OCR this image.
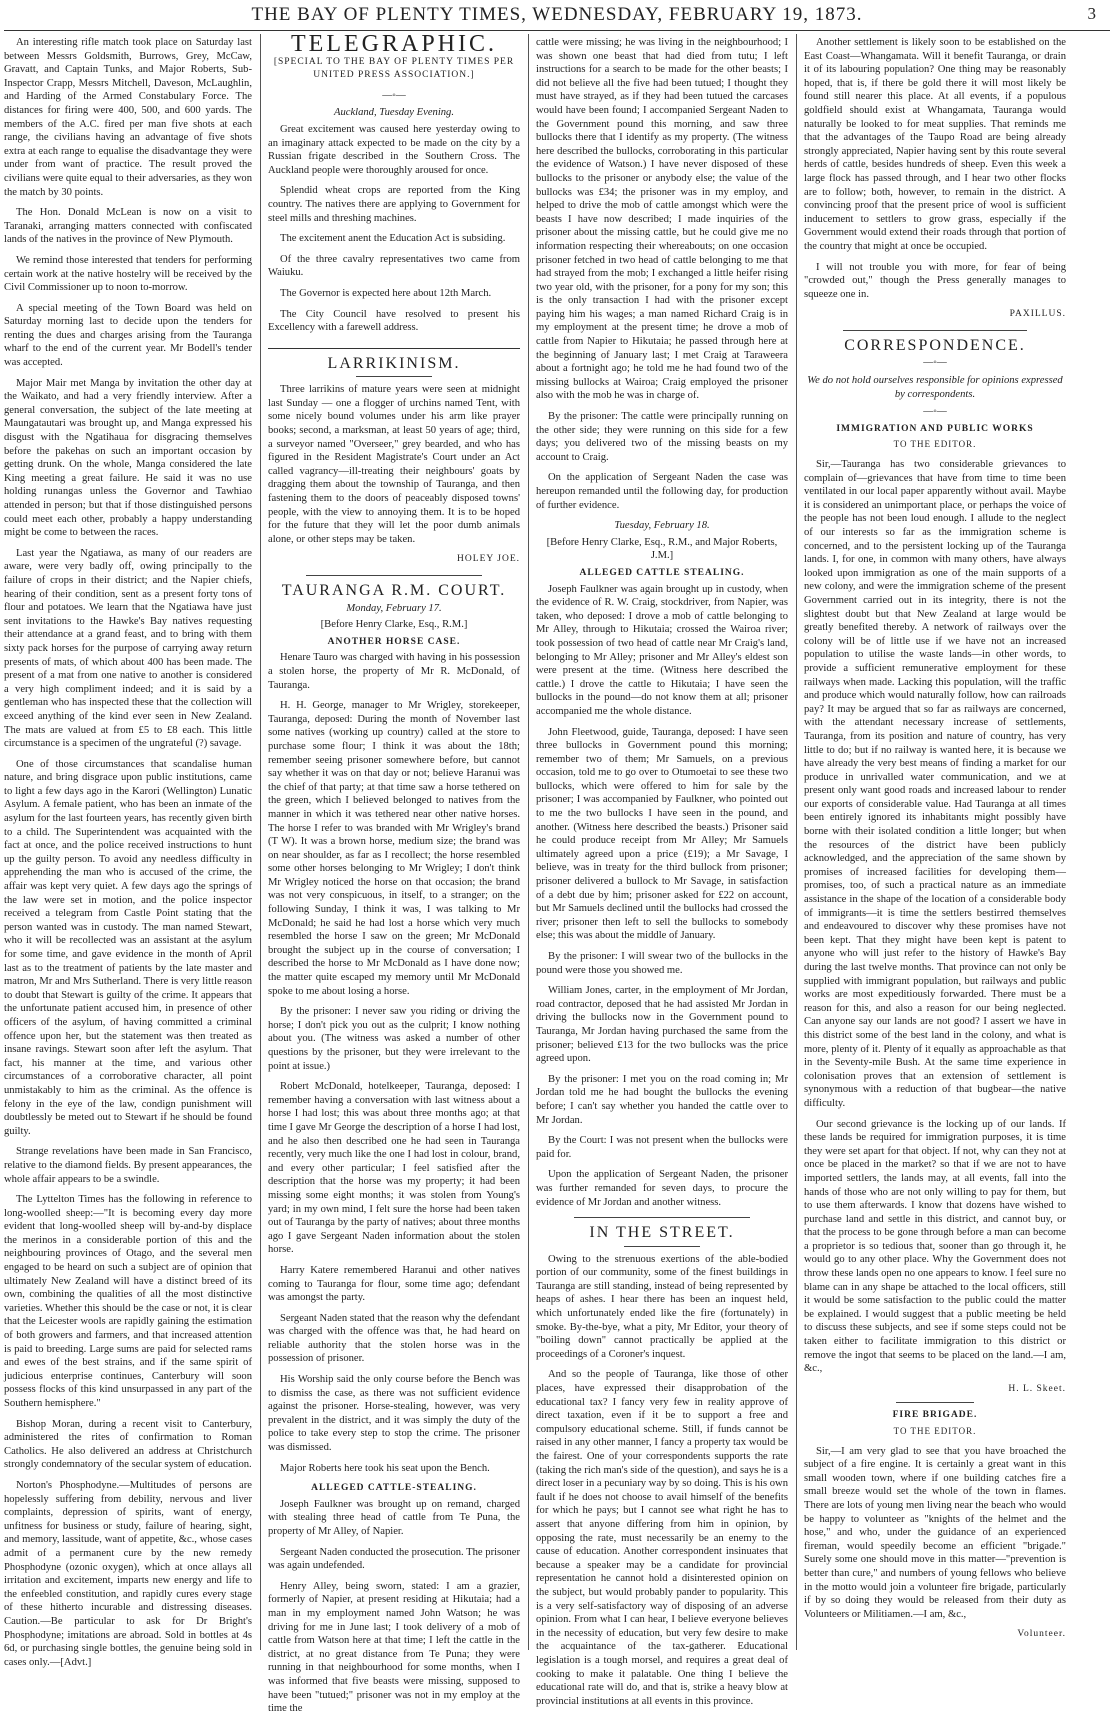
THE BAY OF PLENTY TIMES, WEDNESDAY, FEBRUARY 19, 1873.	3

An interesting rifle match took place on Saturday last between Messrs Goldsmith, Burrows, Grey, McCaw, Gravatt, and Captain Tunks, and Major Roberts, Sub-Inspector Crapp, Messrs Mitchell, Daveson, McLaughlin, and Harding of the Armed Constabulary Force. The distances for firing were 400, 500, and 600 yards. The members of the A.C. fired per man five shots at each range, the civilians having an advantage of five shots extra at each range to equalise the disadvantage they were under from want of practice. The result proved the civilians were quite equal to their adversaries, as they won the match by 30 points.

The Hon. Donald McLean is now on a visit to Taranaki, arranging matters connected with confiscated lands of the natives in the province of New Plymouth.

We remind those interested that tenders for performing certain work at the native hostelry will be received by the Civil Commissioner up to noon to-morrow.

A special meeting of the Town Board was held on Saturday morning last to decide upon the tenders for renting the dues and charges arising from the Tauranga wharf to the end of the current year. Mr Bodell's tender was accepted.

Major Mair met Manga by invitation the other day at the Waikato, and had a very friendly interview. After a general conversation, the subject of the late meeting at Maungatautari was brought up, and Manga expressed his disgust with the Ngatihaua for disgracing themselves before the pakehas on such an important occasion by getting drunk. On the whole, Manga considered the late King meeting a great failure. He said it was no use holding runangas unless the Governor and Tawhiao attended in person; but that if those distinguished persons could meet each other, probably a happy understanding might be come to between the races.

Last year the Ngatiawa, as many of our readers are aware, were very badly off, owing principally to the failure of crops in their district; and the Napier chiefs, hearing of their condition, sent as a present forty tons of flour and potatoes. We learn that the Ngatiawa have just sent invitations to the Hawke's Bay natives requesting their attendance at a grand feast, and to bring with them sixty pack horses for the purpose of carrying away return presents of mats, of which about 400 has been made. The present of a mat from one native to another is considered a very high compliment indeed; and it is said by a gentleman who has inspected these that the collection will exceed anything of the kind ever seen in New Zealand. The mats are valued at from £5 to £8 each. This little circumstance is a specimen of the ungrateful (?) savage.

One of those circumstances that scandalise human nature, and bring disgrace upon public institutions, came to light a few days ago in the Karori (Wellington) Lunatic Asylum. A female patient, who has been an inmate of the asylum for the last fourteen years, has recently given birth to a child. The Superintendent was acquainted with the fact at once, and the police received instructions to hunt up the guilty person. To avoid any needless difficulty in apprehending the man who is accused of the crime, the affair was kept very quiet. A few days ago the springs of the law were set in motion, and the police inspector received a telegram from Castle Point stating that the person wanted was in custody. The man named Stewart, who it will be recollected was an assistant at the asylum for some time, and gave evidence in the month of April last as to the treatment of patients by the late master and matron, Mr and Mrs Sutherland. There is very little reason to doubt that Stewart is guilty of the crime. It appears that the unfortunate patient accused him, in presence of other officers of the asylum, of having committed a criminal offence upon her, but the statement was then treated as insane ravings. Stewart soon after left the asylum. That fact, his manner at the time, and various other circumstances of a corroborative character, all point unmistakably to him as the criminal. As the offence is felony in the eye of the law, condign punishment will doubtlessly be meted out to Stewart if he should be found guilty.

Strange revelations have been made in San Francisco, relative to the diamond fields. By present appearances, the whole affair appears to be a swindle.

The Lyttelton Times has the following in reference to long-woolled sheep:—"It is becoming every day more evident that long-woolled sheep will by-and-by displace the merinos in a considerable portion of this and the neighbouring provinces of Otago, and the several men engaged to be heard on such a subject are of opinion that ultimately New Zealand will have a distinct breed of its own, combining the qualities of all the most distinctive varieties. Whether this should be the case or not, it is clear that the Leicester wools are rapidly gaining the estimation of both growers and farmers, and that increased attention is paid to breeding. Large sums are paid for selected rams and ewes of the best strains, and if the same spirit of judicious enterprise continues, Canterbury will soon possess flocks of this kind unsurpassed in any part of the Southern hemisphere."

Bishop Moran, during a recent visit to Canterbury, administered the rites of confirmation to Roman Catholics. He also delivered an address at Christchurch strongly condemnatory of the secular system of education.

Norton's Phosphodyne.—Multitudes of persons are hopelessly suffering from debility, nervous and liver complaints, depression of spirits, want of energy, unfitness for business or study, failure of hearing, sight, and memory, lassitude, want of appetite, &c., whose cases admit of a permanent cure by the new remedy Phosphodyne (ozonic oxygen), which at once allays all irritation and excitement, imparts new energy and life to the enfeebled constitution, and rapidly cures every stage of these hitherto incurable and distressing diseases. Caution.—Be particular to ask for Dr Bright's Phosphodyne; imitations are abroad. Sold in bottles at 4s 6d, or purchasing single bottles, the genuine being sold in cases only.—[Advt.]

TELEGRAPHIC.

[SPECIAL TO THE BAY OF PLENTY TIMES PER UNITED PRESS ASSOCIATION.]

—◦—

Auckland, Tuesday Evening.

Great excitement was caused here yesterday owing to an imaginary attack expected to be made on the city by a Russian frigate described in the Southern Cross. The Auckland people were thoroughly aroused for once.

Splendid wheat crops are reported from the King country. The natives there are applying to Government for steel mills and threshing machines.

The excitement anent the Education Act is subsiding.

Of the three cavalry representatives two came from Waiuku.

The Governor is expected here about 12th March.

The City Council have resolved to present his Excellency with a farewell address.

LARRIKINISM.

Three larrikins of mature years were seen at midnight last Sunday — one a flogger of urchins named Tent, with some nicely bound volumes under his arm like prayer books; second, a marksman, at least 50 years of age; third, a surveyor named "Overseer," grey bearded, and who has figured in the Resident Magistrate's Court under an Act called vagrancy—ill-treating their neighbours' goats by dragging them about the township of Tauranga, and then fastening them to the doors of peaceably disposed towns' people, with the view to annoying them. It is to be hoped for the future that they will let the poor dumb animals alone, or other steps may be taken.

HOLEY JOE.

TAURANGA R.M. COURT.

Monday, February 17.

[Before Henry Clarke, Esq., R.M.]

ANOTHER HORSE CASE.

Henare Tauro was charged with having in his possession a stolen horse, the property of Mr R. McDonald, of Tauranga.

H. H. George, manager to Mr Wrigley, storekeeper, Tauranga, deposed: During the month of November last some natives (working up country) called at the store to purchase some flour; I think it was about the 18th; remember seeing prisoner somewhere before, but cannot say whether it was on that day or not; believe Haranui was the chief of that party; at that time saw a horse tethered on the green, which I believed belonged to natives from the manner in which it was tethered near other native horses. The horse I refer to was branded with Mr Wrigley's brand (T W). It was a brown horse, medium size; the brand was on near shoulder, as far as I recollect; the horse resembled some other horses belonging to Mr Wrigley; I don't think Mr Wrigley noticed the horse on that occasion; the brand was not very conspicuous, in itself, to a stranger; on the following Sunday, I think it was, I was talking to Mr McDonald; he said he had lost a horse which very much resembled the horse I saw on the green; Mr McDonald brought the subject up in the course of conversation; I described the horse to Mr McDonald as I have done now; the matter quite escaped my memory until Mr McDonald spoke to me about losing a horse.

By the prisoner: I never saw you riding or driving the horse; I don't pick you out as the culprit; I know nothing about you. (The witness was asked a number of other questions by the prisoner, but they were irrelevant to the point at issue.)

Robert McDonald, hotelkeeper, Tauranga, deposed: I remember having a conversation with last witness about a horse I had lost; this was about three months ago; at that time I gave Mr George the description of a horse I had lost, and he also then described one he had seen in Tauranga recently, very much like the one I had lost in colour, brand, and every other particular; I feel satisfied after the description that the horse was my property; it had been missing some eight months; it was stolen from Young's yard; in my own mind, I felt sure the horse had been taken out of Tauranga by the party of natives; about three months ago I gave Sergeant Naden information about the stolen horse.

Harry Katere remembered Haranui and other natives coming to Tauranga for flour, some time ago; defendant was amongst the party.

Sergeant Naden stated that the reason why the defendant was charged with the offence was that, he had heard on reliable authority that the stolen horse was in the possession of prisoner.

His Worship said the only course before the Bench was to dismiss the case, as there was not sufficient evidence against the prisoner. Horse-stealing, however, was very prevalent in the district, and it was simply the duty of the police to take every step to stop the crime. The prisoner was dismissed.

Major Roberts here took his seat upon the Bench.

ALLEGED CATTLE-STEALING.

Joseph Faulkner was brought up on remand, charged with stealing three head of cattle from Te Puna, the property of Mr Alley, of Napier.

Sergeant Naden conducted the prosecution. The prisoner was again undefended.

Henry Alley, being sworn, stated: I am a grazier, formerly of Napier, at present residing at Hikutaia; had a man in my employment named John Watson; he was driving for me in June last; I took delivery of a mob of cattle from Watson here at that time; I left the cattle in the district, at no great distance from Te Puna; they were running in that neighbourhood for some months, when I was informed that five beasts were missing, supposed to have been "tutued;" prisoner was not in my employ at the time the

cattle were missing; he was living in the neighbourhood; I was shown one beast that had died from tutu; I left instructions for a search to be made for the other beasts; I did not believe all the five had been tutued; I thought they must have strayed, as if they had been tutued the carcases would have been found; I accompanied Sergeant Naden to the Government pound this morning, and saw three bullocks there that I identify as my property. (The witness here described the bullocks, corroborating in this particular the evidence of Watson.) I have never disposed of these bullocks to the prisoner or anybody else; the value of the bullocks was £34; the prisoner was in my employ, and helped to drive the mob of cattle amongst which were the beasts I have now described; I made inquiries of the prisoner about the missing cattle, but he could give me no information respecting their whereabouts; on one occasion prisoner fetched in two head of cattle belonging to me that had strayed from the mob; I exchanged a little heifer rising two year old, with the prisoner, for a pony for my son; this is the only transaction I had with the prisoner except paying him his wages; a man named Richard Craig is in my employment at the present time; he drove a mob of cattle from Napier to Hikutaia; he passed through here at the beginning of January last; I met Craig at Taraweera about a fortnight ago; he told me he had found two of the missing bullocks at Wairoa; Craig employed the prisoner also with the mob he was in charge of.

By the prisoner: The cattle were principally running on the other side; they were running on this side for a few days; you delivered two of the missing beasts on my account to Craig.

On the application of Sergeant Naden the case was hereupon remanded until the following day, for production of further evidence.

Tuesday, February 18.

[Before Henry Clarke, Esq., R.M., and Major Roberts, J.M.]

ALLEGED CATTLE STEALING.

Joseph Faulkner was again brought up in custody, when the evidence of R. W. Craig, stockdriver, from Napier, was taken, who deposed: I drove a mob of cattle belonging to Mr Alley, through to Hikutaia; crossed the Wairoa river; took possession of two head of cattle near Mr Craig's land, belonging to Mr Alley; prisoner and Mr Alley's eldest son were present at the time. (Witness here described the cattle.) I drove the cattle to Hikutaia; I have seen the bullocks in the pound—do not know them at all; prisoner accompanied me the whole distance.

John Fleetwood, guide, Tauranga, deposed: I have seen three bullocks in Government pound this morning; remember two of them; Mr Samuels, on a previous occasion, told me to go over to Otumoetai to see these two bullocks, which were offered to him for sale by the prisoner; I was accompanied by Faulkner, who pointed out to me the two bullocks I have seen in the pound, and another. (Witness here described the beasts.) Prisoner said he could produce receipt from Mr Alley; Mr Samuels ultimately agreed upon a price (£19); a Mr Savage, I believe, was in treaty for the third bullock from prisoner; prisoner delivered a bullock to Mr Savage, in satisfaction of a debt due by him; prisoner asked for £22 on account, but Mr Samuels declined until the bullocks had crossed the river; prisoner then left to sell the bullocks to somebody else; this was about the middle of January.

By the prisoner: I will swear two of the bullocks in the pound were those you showed me.

William Jones, carter, in the employment of Mr Jordan, road contractor, deposed that he had assisted Mr Jordan in driving the bullocks now in the Government pound to Tauranga, Mr Jordan having purchased the same from the prisoner; believed £13 for the two bullocks was the price agreed upon.

By the prisoner: I met you on the road coming in; Mr Jordan told me he had bought the bullocks the evening before; I can't say whether you handed the cattle over to Mr Jordan.

By the Court: I was not present when the bullocks were paid for.

Upon the application of Sergeant Naden, the prisoner was further remanded for seven days, to procure the evidence of Mr Jordan and another witness.

IN THE STREET.

Owing to the strenuous exertions of the able-bodied portion of our community, some of the finest buildings in Tauranga are still standing, instead of being represented by heaps of ashes. I hear there has been an inquest held, which unfortunately ended like the fire (fortunately) in smoke. By-the-bye, what a pity, Mr Editor, your theory of "boiling down" cannot practically be applied at the proceedings of a Coroner's inquest.

And so the people of Tauranga, like those of other places, have expressed their disapprobation of the educational tax? I fancy very few in reality approve of direct taxation, even if it be to support a free and compulsory educational scheme. Still, if funds cannot be raised in any other manner, I fancy a property tax would be the fairest. One of your correspondents supports the rate (taking the rich man's side of the question), and says he is a direct loser in a pecuniary way by so doing. This is his own fault if he does not choose to avail himself of the benefits for which he pays; but I cannot see what right he has to assert that anyone differing from him in opinion, by opposing the rate, must necessarily be an enemy to the cause of education. Another correspondent insinuates that because a speaker may be a candidate for provincial representation he cannot hold a disinterested opinion on the subject, but would probably pander to popularity. This is a very self-satisfactory way of disposing of an adverse opinion. From what I can hear, I believe everyone believes in the necessity of education, but very few desire to make the acquaintance of the tax-gatherer. Educational legislation is a tough morsel, and requires a great deal of cooking to make it palatable. One thing I believe the educational rate will do, and that is, strike a heavy blow at provincial institutions at all events in this province.

Another settlement is likely soon to be established on the East Coast—Whangamata. Will it benefit Tauranga, or drain it of its labouring population? One thing may be reasonably hoped, that is, if there be gold there it will most likely be found still nearer this place. At all events, if a populous goldfield should exist at Whangamata, Tauranga would naturally be looked to for meat supplies. That reminds me that the advantages of the Taupo Road are being already strongly appreciated, Napier having sent by this route several herds of cattle, besides hundreds of sheep. Even this week a large flock has passed through, and I hear two other flocks are to follow; both, however, to remain in the district. A convincing proof that the present price of wool is sufficient inducement to settlers to grow grass, especially if the Government would extend their roads through that portion of the country that might at once be occupied.

I will not trouble you with more, for fear of being "crowded out," though the Press generally manages to squeeze one in.

PAXILLUS.

CORRESPONDENCE.
—◦—

We do not hold ourselves responsible for opinions expressed by correspondents.

—◦—
IMMIGRATION AND PUBLIC WORKS
TO THE EDITOR.

Sir,—Tauranga has two considerable grievances to complain of—grievances that have from time to time been ventilated in our local paper apparently without avail. Maybe it is considered an unimportant place, or perhaps the voice of the people has not been loud enough. I allude to the neglect of our interests so far as the immigration scheme is concerned, and to the persistent locking up of the Tauranga lands. I, for one, in common with many others, have always looked upon immigration as one of the main supports of a new colony, and were the immigration scheme of the present Government carried out in its integrity, there is not the slightest doubt but that New Zealand at large would be greatly benefited thereby. A network of railways over the colony will be of little use if we have not an increased population to utilise the waste lands—in other words, to provide a sufficient remunerative employment for these railways when made. Lacking this population, will the traffic and produce which would naturally follow, how can railroads pay? It may be argued that so far as railways are concerned, with the attendant necessary increase of settlements, Tauranga, from its position and nature of country, has very little to do; but if no railway is wanted here, it is because we have already the very best means of finding a market for our produce in unrivalled water communication, and we at present only want good roads and increased labour to render our exports of considerable value. Had Tauranga at all times been entirely ignored its inhabitants might possibly have borne with their isolated condition a little longer; but when the resources of the district have been publicly acknowledged, and the appreciation of the same shown by promises of increased facilities for developing them—promises, too, of such a practical nature as an immediate assistance in the shape of the location of a considerable body of immigrants—it is time the settlers bestirred themselves and endeavoured to discover why these promises have not been kept. That they might have been kept is patent to anyone who will just refer to the history of Hawke's Bay during the last twelve months. That province can not only be supplied with immigrant population, but railways and public works are most expeditiously forwarded. There must be a reason for this, and also a reason for our being neglected. Can anyone say our lands are not good? I assert we have in this district some of the best land in the colony, and what is more, plenty of it. Plenty of it equally as approachable as that in the Seventy-mile Bush. At the same time experience in colonisation proves that an extension of settlement is synonymous with a reduction of that bugbear—the native difficulty.

Our second grievance is the locking up of our lands. If these lands be required for immigration purposes, it is time they were set apart for that object. If not, why can they not at once be placed in the market? so that if we are not to have imported settlers, the lands may, at all events, fall into the hands of those who are not only willing to pay for them, but to use them afterwards. I know that dozens have wished to purchase land and settle in this district, and cannot buy, or that the process to be gone through before a man can become a proprietor is so tedious that, sooner than go through it, he would go to any other place. Why the Government does not throw these lands open no one appears to know. I feel sure no blame can in any shape be attached to the local officers, still it would be some satisfaction to the public could the matter be explained. I would suggest that a public meeting be held to discuss these subjects, and see if some steps could not be taken either to facilitate immigration to this district or remove the ingot that seems to be placed on the land.—I am, &c.,

H. L. Skeet.

FIRE BRIGADE.
TO THE EDITOR.

Sir,—I am very glad to see that you have broached the subject of a fire engine. It is certainly a great want in this small wooden town, where if one building catches fire a small breeze would set the whole of the town in flames. There are lots of young men living near the beach who would be happy to volunteer as "knights of the helmet and the hose," and who, under the guidance of an experienced fireman, would speedily become an efficient "brigade." Surely some one should move in this matter—"prevention is better than cure," and numbers of young fellows who believe in the motto would join a volunteer fire brigade, particularly if by so doing they would be released from their duty as Volunteers or Militiamen.—I am, &c.,

Volunteer.
